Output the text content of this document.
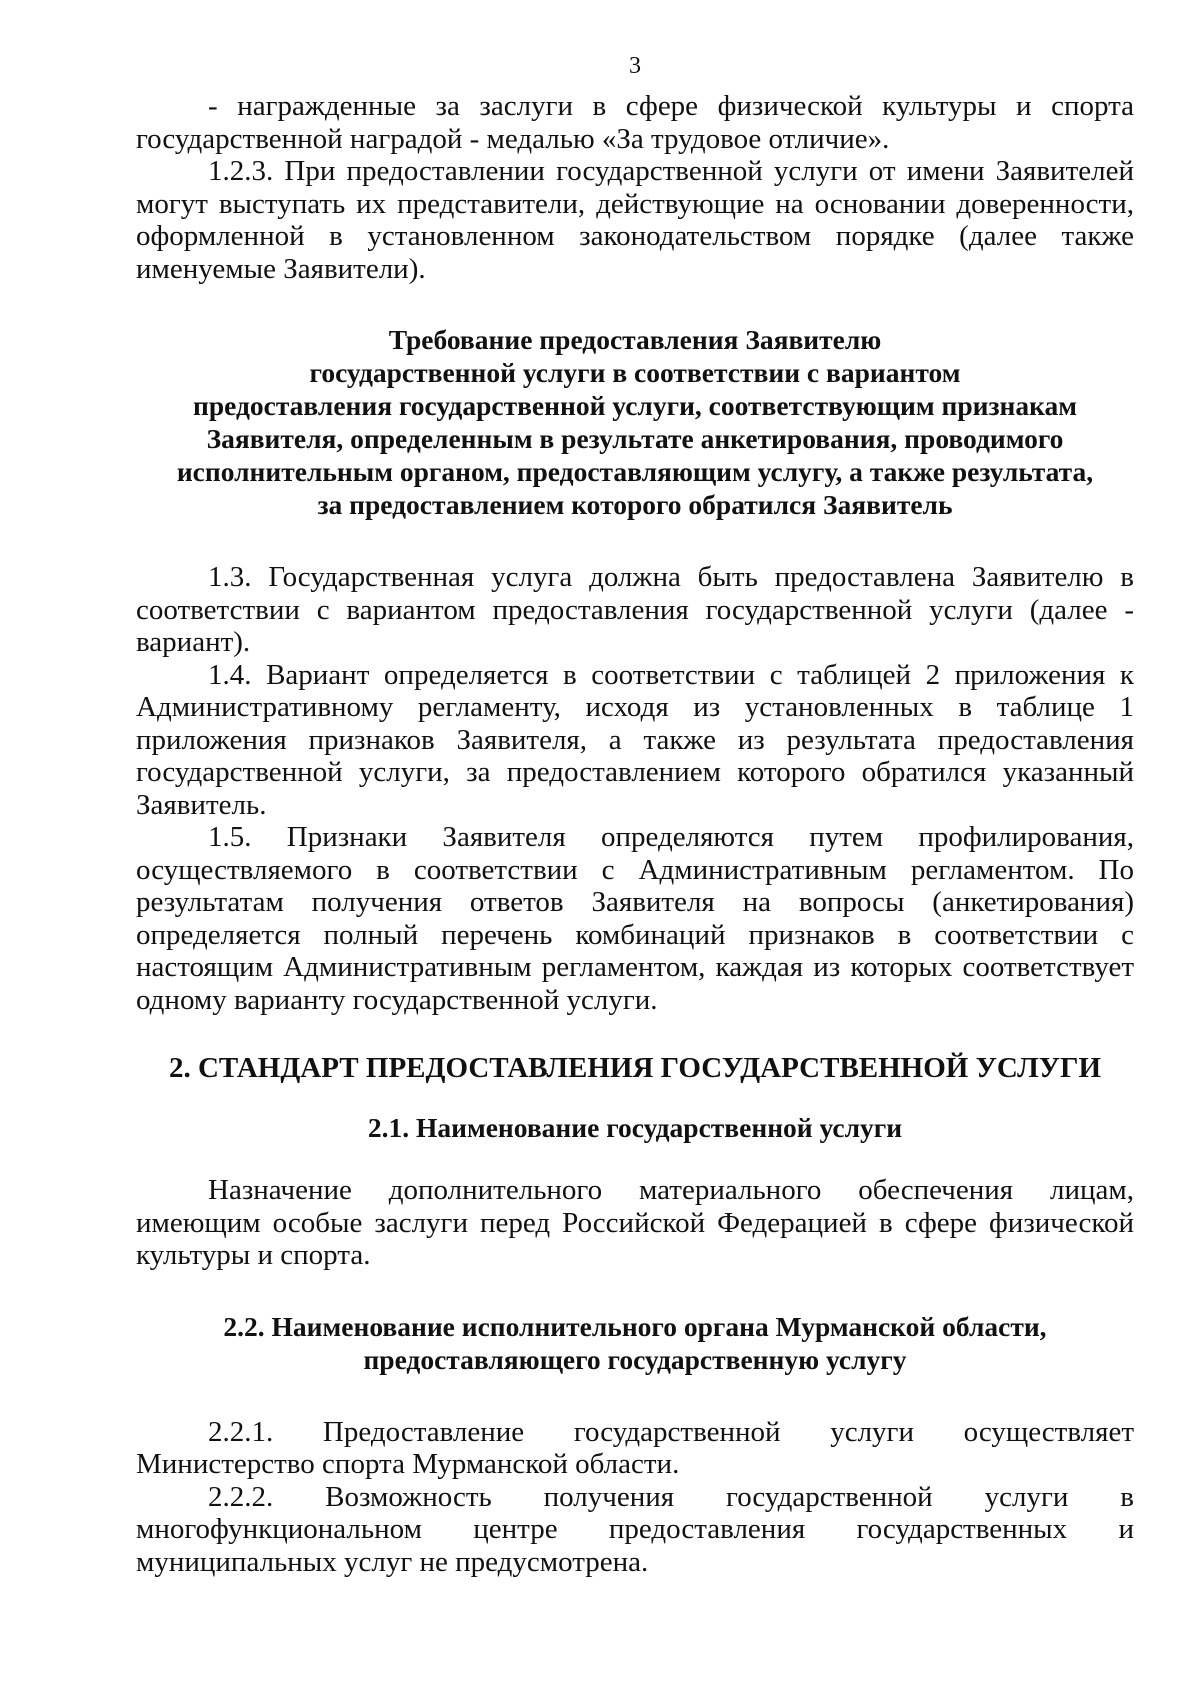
3

- награжденные за заслуги в сфере физической культуры и спорта государственной наградой - медалью «За трудовое отличие».

1.2.3. При предоставлении государственной услуги от имени Заявителей могут выступать их представители, действующие на основании доверенности, оформленной в установленном законодательством порядке (далее также именуемые Заявители).

Требование предоставления Заявителю
государственной услуги в соответствии с вариантом
предоставления государственной услуги, соответствующим признакам
Заявителя, определенным в результате анкетирования, проводимого
исполнительным органом, предоставляющим услугу, а также результата,
за предоставлением которого обратился Заявитель

1.3. Государственная услуга должна быть предоставлена Заявителю в соответствии с вариантом предоставления государственной услуги (далее - вариант).

1.4. Вариант определяется в соответствии с таблицей 2 приложения к Административному регламенту, исходя из установленных в таблице 1 приложения признаков Заявителя, а также из результата предоставления государственной услуги, за предоставлением которого обратился указанный Заявитель.

1.5. Признаки Заявителя определяются путем профилирования, осуществляемого в соответствии с Административным регламентом. По результатам получения ответов Заявителя на вопросы (анкетирования) определяется полный перечень комбинаций признаков в соответствии с настоящим Административным регламентом, каждая из которых соответствует одному варианту государственной услуги.

2. СТАНДАРТ ПРЕДОСТАВЛЕНИЯ ГОСУДАРСТВЕННОЙ УСЛУГИ
2.1. Наименование государственной услуги

Назначение дополнительного материального обеспечения лицам, имеющим особые заслуги перед Российской Федерацией в сфере физической культуры и спорта.

2.2. Наименование исполнительного органа Мурманской области,
предоставляющего государственную услугу

2.2.1. Предоставление государственной услуги осуществляет Министерство спорта Мурманской области.

2.2.2. Возможность получения государственной услуги в многофункциональном центре предоставления государственных и муниципальных услуг не предусмотрена.
